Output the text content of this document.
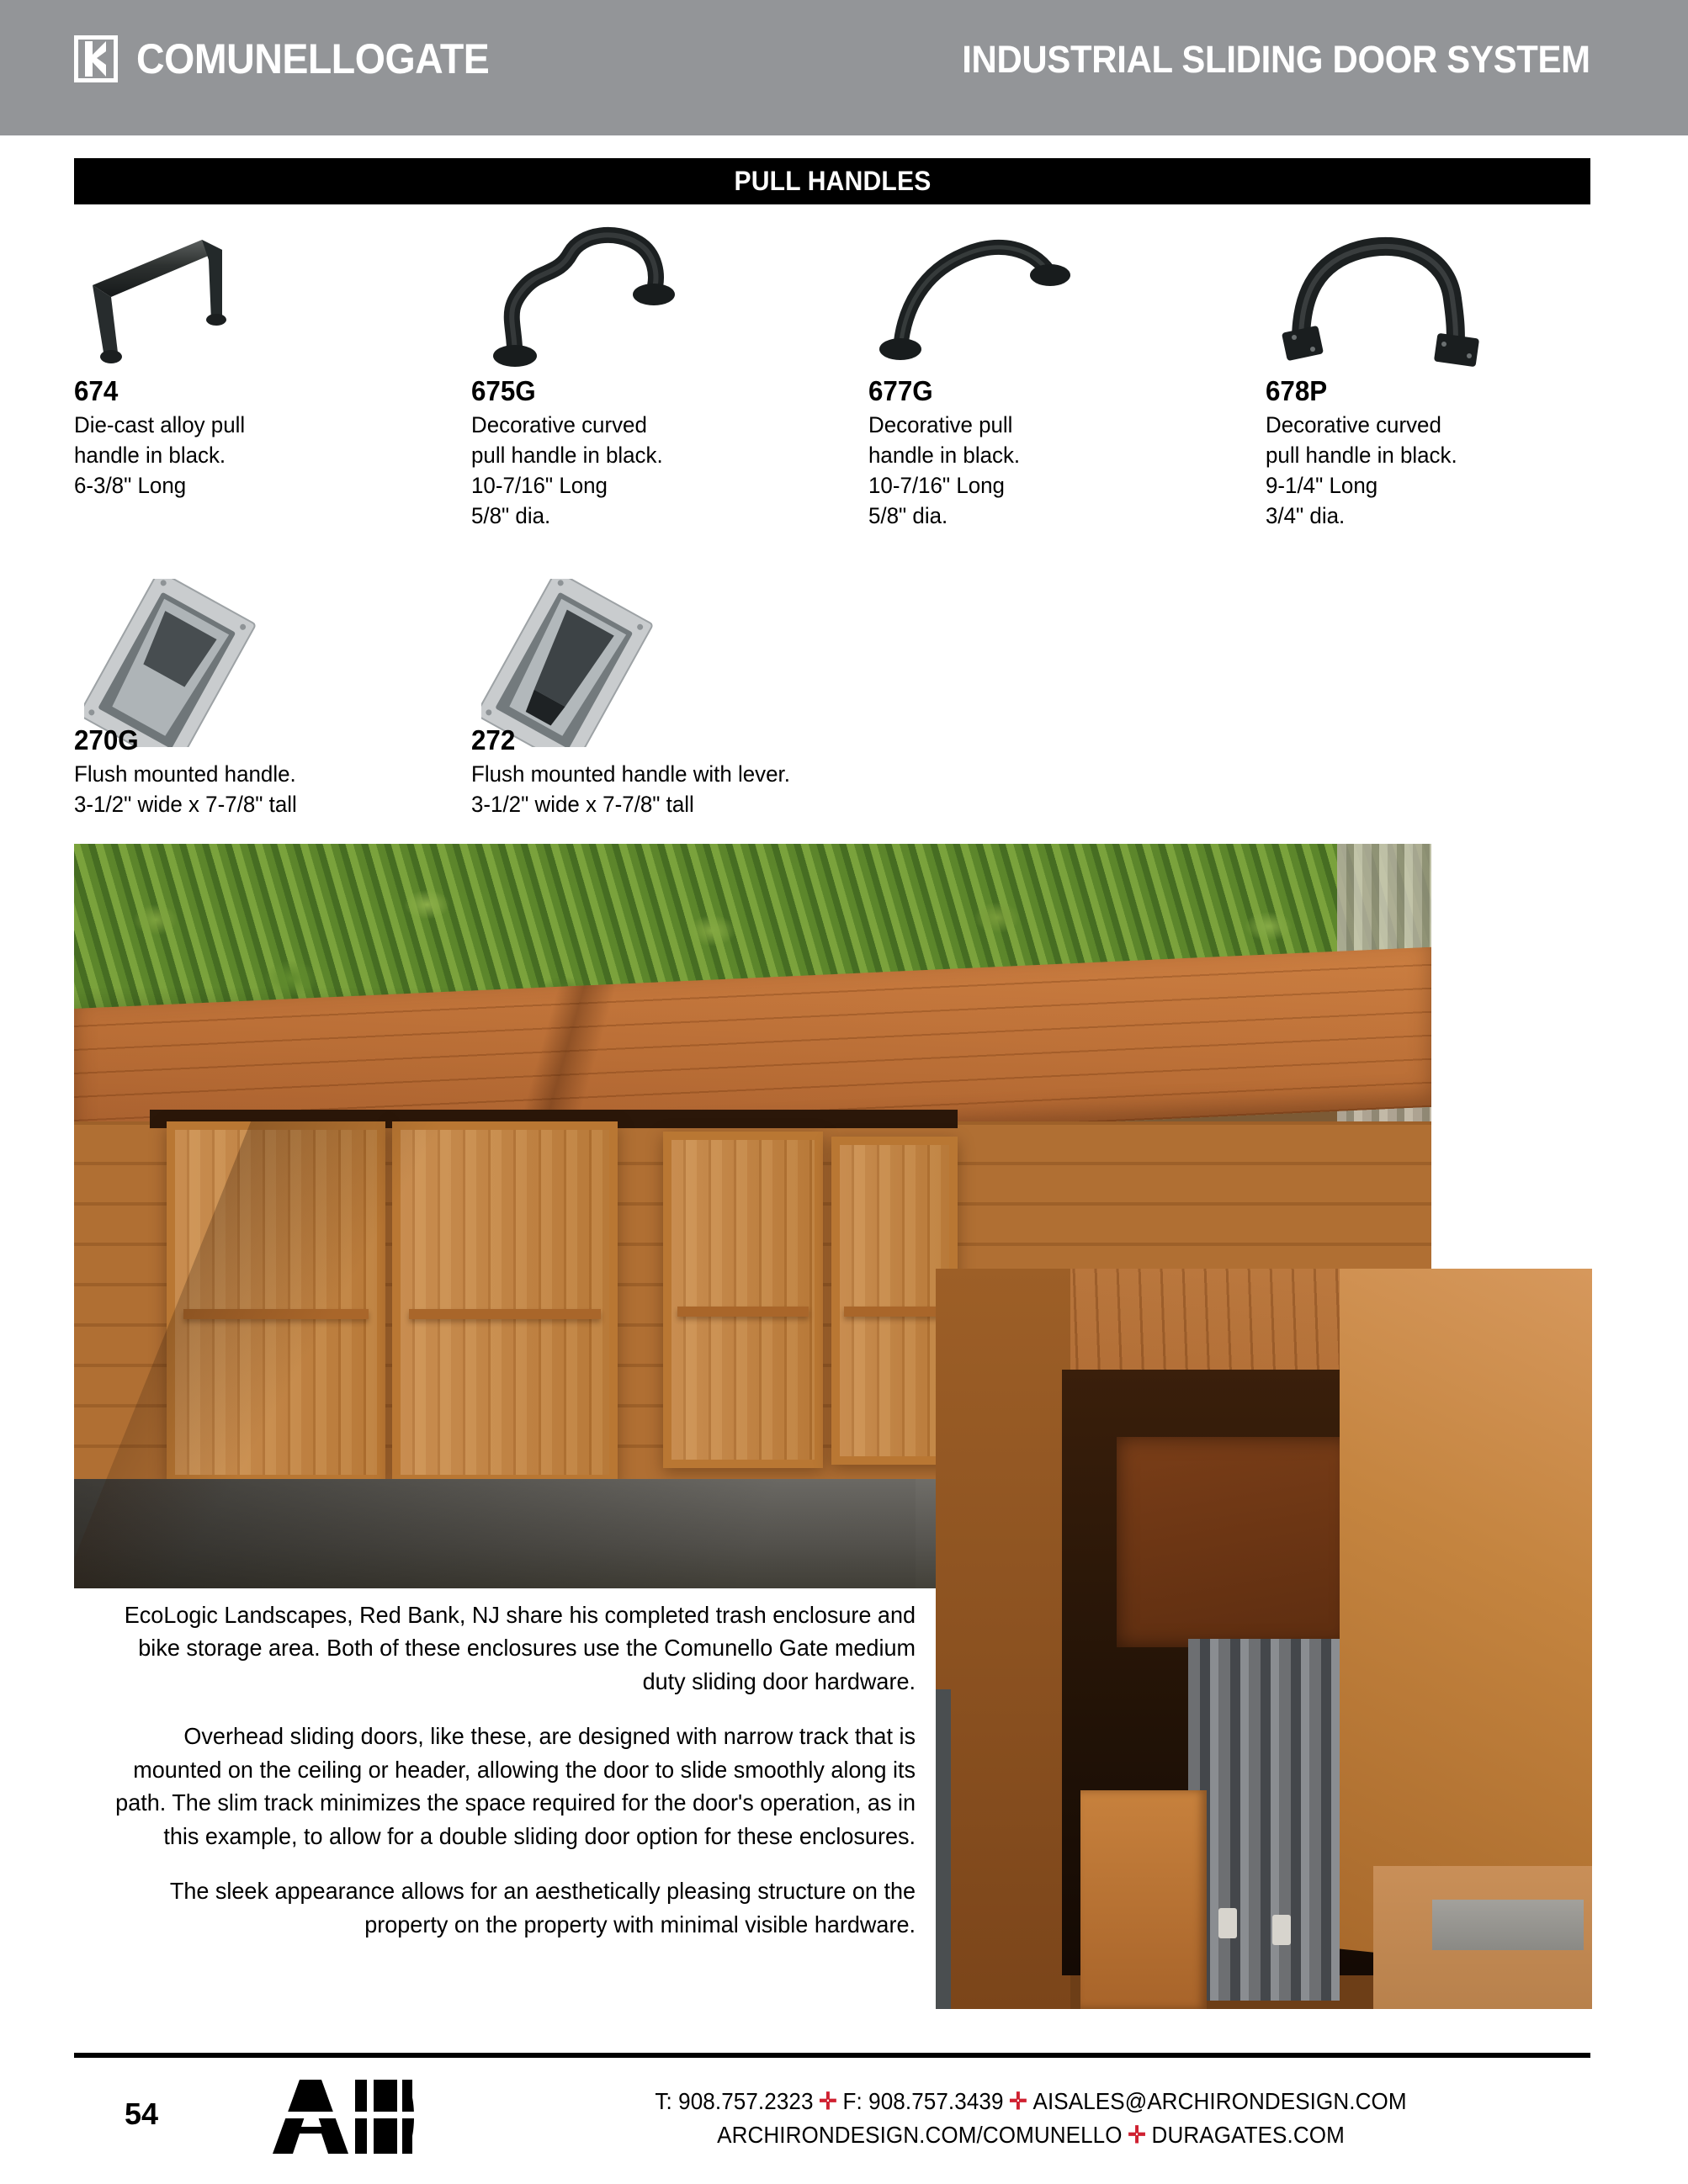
COMUNELLOGATE	INDUSTRIAL SLIDING DOOR SYSTEM
PULL HANDLES
674
Die-cast alloy pull
handle in black.
6-3/8" Long
675G
Decorative curved
pull handle in black.
10-7/16" Long
5/8" dia.
677G
Decorative pull
handle in black.
10-7/16" Long
5/8" dia.
678P
Decorative curved
pull handle in black.
9-1/4" Long
3/4" dia.
270G
Flush mounted handle.
3-1/2" wide x 7-7/8" tall
272
Flush mounted handle with lever.
3-1/2" wide x 7-7/8" tall

EcoLogic Landscapes, Red Bank, NJ share his completed trash enclosure and bike storage area. Both of these enclosures use the Comunello Gate medium duty sliding door hardware.

Overhead sliding doors, like these, are designed with narrow track that is mounted on the ceiling or header, allowing the door to slide smoothly along its path. The slim track minimizes the space required for the door's operation, as in this example, to allow for a double sliding door option for these enclosures.

The sleek appearance allows for an aesthetically pleasing structure on the property on the property with minimal visible hardware.

54	T: 908.757.2323 ✛ F: 908.757.3439 ✛ AISALES@ARCHIRONDESIGN.COM
ARCHIRONDESIGN.COM/COMUNELLO ✛ DURAGATES.COM
